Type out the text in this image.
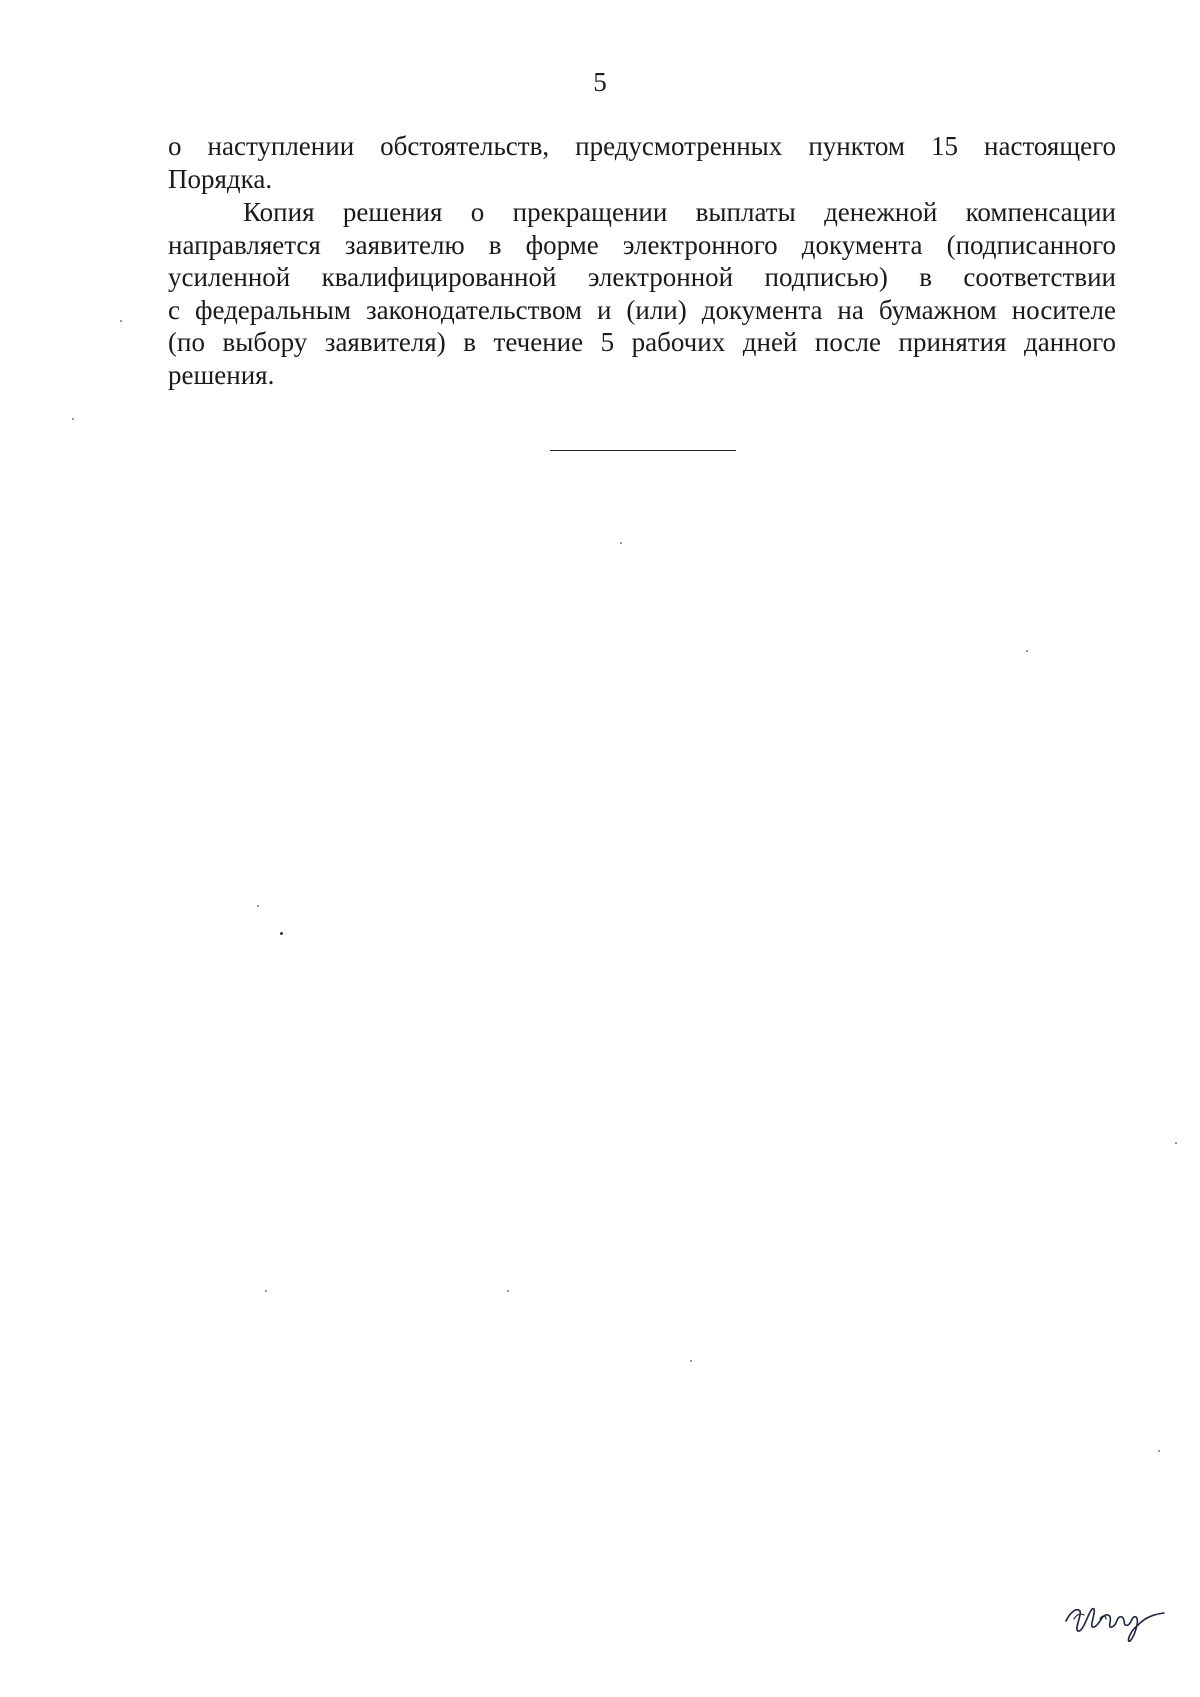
5
о наступлении обстоятельств, предусмотренных пунктом 15 настоящего
Порядка.
Копия решения о прекращении выплаты денежной компенсации
направляется заявителю в форме электронного документа (подписанного
усиленной квалифицированной электронной подписью) в соответствии
с федеральным законодательством и (или) документа на бумажном носителе
(по выбору заявителя) в течение 5 рабочих дней после принятия данного
решения.
